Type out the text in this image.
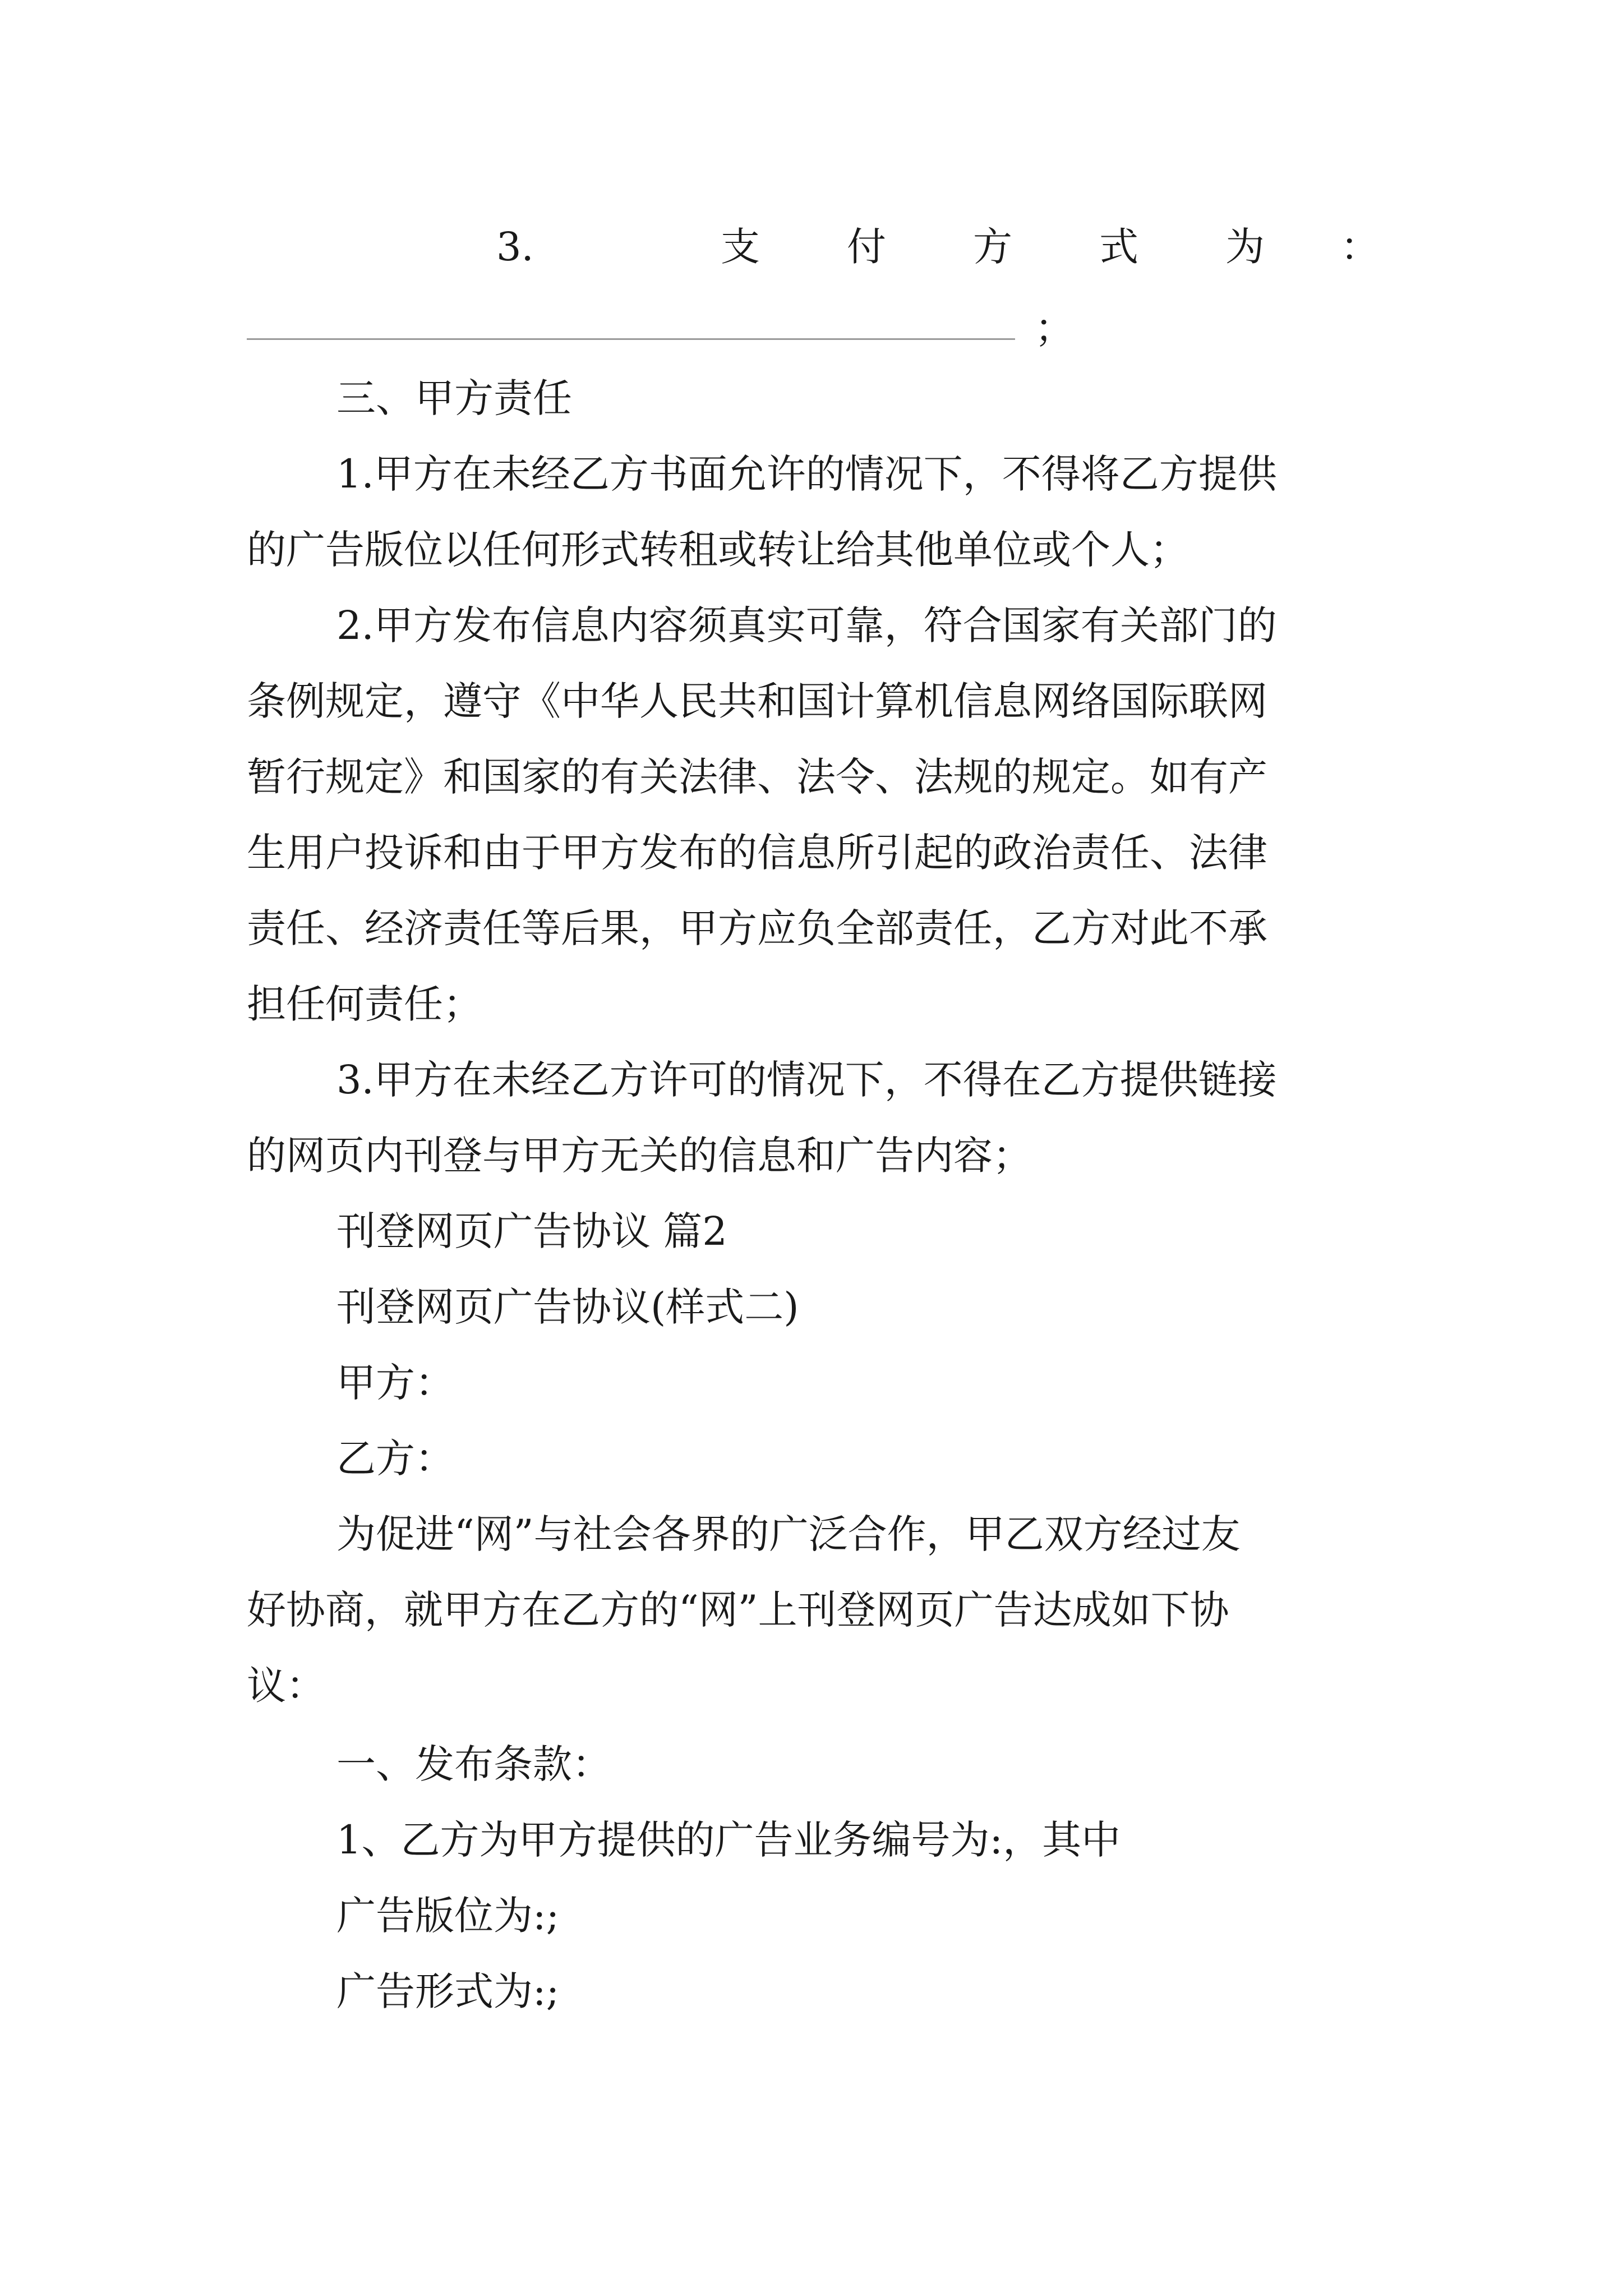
3.	支 付 方 式 为 ：
；
三、甲方责任
1.甲方在未经乙方书面允许的情况下，不得将乙方提供
的广告版位以任何形式转租或转让给其他单位或个人；
2.甲方发布信息内容须真实可靠，符合国家有关部门的
条例规定，遵守《中华人民共和国计算机信息网络国际联网
暂行规定》和国家的有关法律、法令、法规的规定。如有产
生用户投诉和由于甲方发布的信息所引起的政治责任、法律
责任、经济责任等后果，甲方应负全部责任，乙方对此不承
担任何责任；
3.甲方在未经乙方许可的情况下，不得在乙方提供链接
的网页内刊登与甲方无关的信息和广告内容；
刊登网页广告协议 篇2
刊登网页广告协议(样式二)
甲方：
乙方：
为促进“网”与社会各界的广泛合作，甲乙双方经过友
好协商，就甲方在乙方的“网”上刊登网页广告达成如下协
议：
一、发布条款：
1、乙方为甲方提供的广告业务编号为:，其中
广告版位为:;
广告形式为:;
